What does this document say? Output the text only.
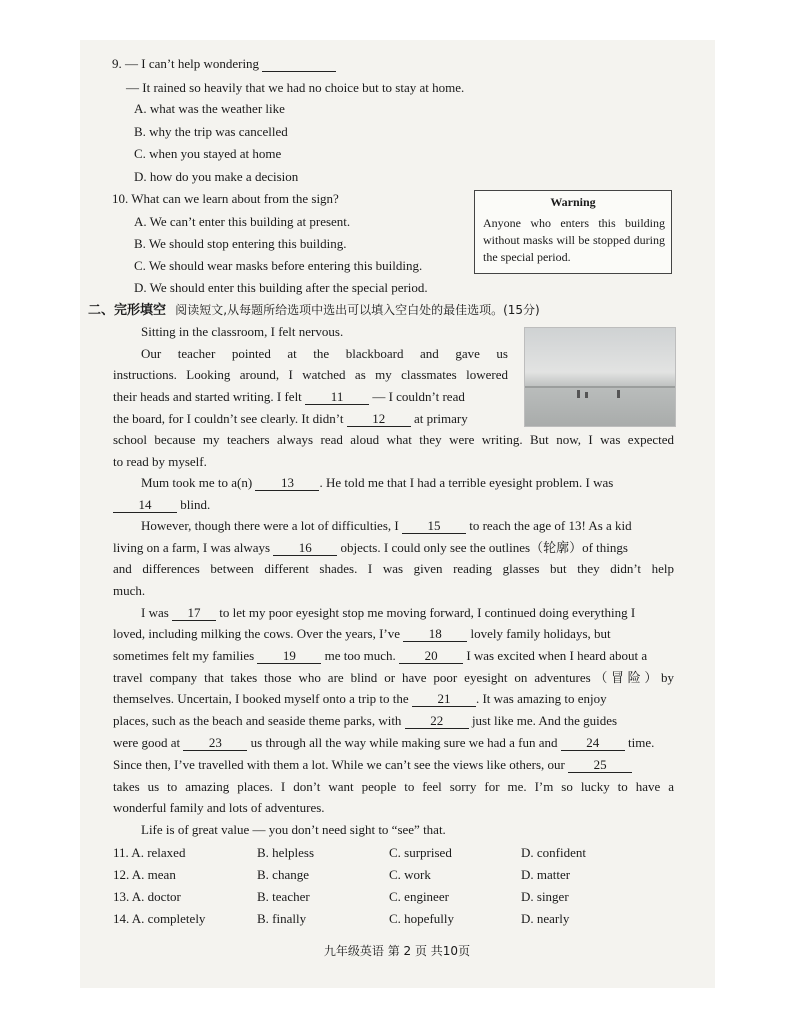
9. — I can’t help wondering
— It rained so heavily that we had no choice but to stay at home.
A. what was the weather like
B. why the trip was cancelled
C. when you stayed at home
D. how do you make a decision
10. What can we learn about from the sign?
A. We can’t enter this building at present.
B. We should stop entering this building.
C. We should wear masks before entering this building.
D. We should enter this building after the special period.
Warning
Anyone who enters this building without masks will be stopped during the special period.
二、完形填空 阅读短文,从每题所给选项中选出可以填入空白处的最佳选项。(15分)
Sitting in the classroom, I felt nervous.
Our teacher pointed at the blackboard and gave us
instructions. Looking around, I watched as my classmates lowered
their heads and started writing. I felt 11 — I couldn’t read
the board, for I couldn’t see clearly. It didn’t 12 at primary
school because my teachers always read aloud what they were writing. But now, I was expected
to read by myself.
Mum took me to a(n) 13 . He told me that I had a terrible eyesight problem. I was
14 blind.
However, though there were a lot of difficulties, I 15 to reach the age of 13! As a kid
living on a farm, I was always 16 objects. I could only see the outlines（轮廓）of things
and differences between different shades. I was given reading glasses but they didn’t help
much.
I was 17 to let my poor eyesight stop me moving forward, I continued doing everything I
loved, including milking the cows. Over the years, I’ve 18 lovely family holidays, but
sometimes felt my families 19 me too much. 20 I was excited when I heard about a
travel company that takes those who are blind or have poor eyesight on adventures（冒险）by
themselves. Uncertain, I booked myself onto a trip to the 21 . It was amazing to enjoy
places, such as the beach and seaside theme parks, with 22 just like me. And the guides
were good at 23 us through all the way while making sure we had a fun and 24 time.
Since then, I’ve travelled with them a lot. While we can’t see the views like others, our 25
takes us to amazing places. I don’t want people to feel sorry for me. I’m so lucky to have a
wonderful family and lots of adventures.
Life is of great value — you don’t need sight to “see” that.
11. A. relaxed	B. helpless	C. surprised	D. confident
12. A. mean	B. change	C. work	D. matter
13. A. doctor	B. teacher	C. engineer	D. singer
14. A. completely	B. finally	C. hopefully	D. nearly
九年级英语 第 2 页 共10页
